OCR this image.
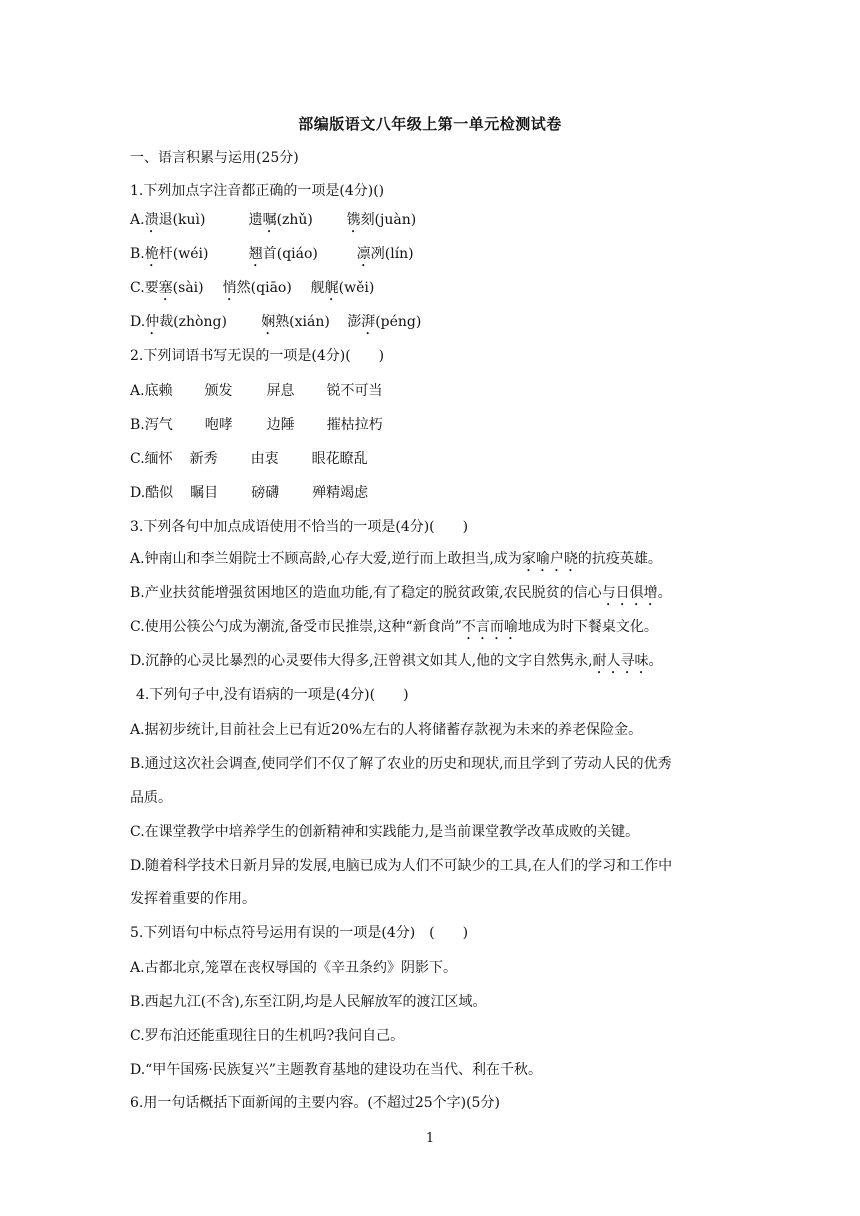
部编版语文八年级上第一单元检测试卷
一、语言积累与运用(25分)
1.下列加点字注音都正确的一项是(4分)()
A.溃退(kuì)	遗嘱(zhǔ) 镌刻(juàn)
B.桅杆(wéi)	翘首(qiáo)	凛冽(lín)
C.要塞(sài) 悄然(qiāo) 舰艉(wěi)
D.仲裁(zhòng) 娴熟(xián) 澎湃(péng)
2.下列词语书写无误的一项是(4分)(　　)
A.底赖 颁发 屏息 锐不可当
B.泻气 咆哮 边陲 摧枯拉朽
C.缅怀 新秀 由衷 眼花瞭乱
D.酷似 瞩目 磅礴 殚精竭虑
3.下列各句中加点成语使用不恰当的一项是(4分)(　　)
A.钟南山和李兰娟院士不顾高龄,心存大爱,逆行而上敢担当,成为家喻户晓的抗疫英雄。
B.产业扶贫能增强贫困地区的造血功能,有了稳定的脱贫政策,农民脱贫的信心与日俱增。
C.使用公筷公勺成为潮流,备受市民推崇,这种“新食尚”不言而喻地成为时下餐桌文化。
D.沉静的心灵比暴烈的心灵要伟大得多,汪曾祺文如其人,他的文字自然隽永,耐人寻味。
4.下列句子中,没有语病的一项是(4分)(　　)
A.据初步统计,目前社会上已有近20%左右的人将储蓄存款视为未来的养老保险金。
B.通过这次社会调查,使同学们不仅了解了农业的历史和现状,而且学到了劳动人民的优秀
品质。
C.在课堂教学中培养学生的创新精神和实践能力,是当前课堂教学改革成败的关键。
D.随着科学技术日新月异的发展,电脑已成为人们不可缺少的工具,在人们的学习和工作中
发挥着重要的作用。
5.下列语句中标点符号运用有误的一项是(4分)　(　　)
A.古都北京,笼罩在丧权辱国的《辛丑条约》阴影下。
B.西起九江(不含),东至江阴,均是人民解放军的渡江区域。
C.罗布泊还能重现往日的生机吗?我问自己。
D.“甲午国殇·民族复兴”主题教育基地的建设功在当代、利在千秋。
6.用一句话概括下面新闻的主要内容。(不超过25个字)(5分)
1
